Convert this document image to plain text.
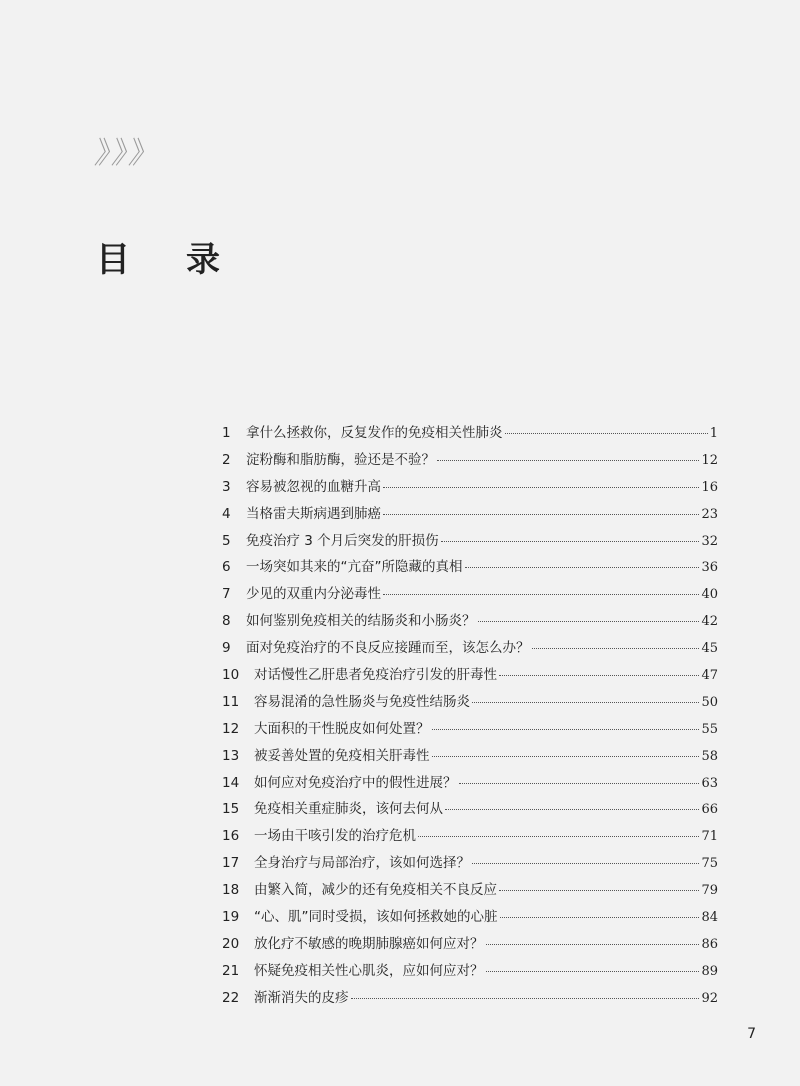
》》》
目录
1	拿什么拯救你，反复发作的免疫相关性肺炎	1
2	淀粉酶和脂肪酶，验还是不验？	12
3	容易被忽视的血糖升高	16
4	当格雷夫斯病遇到肺癌	23
5	免疫治疗 3 个月后突发的肝损伤	32
6	一场突如其来的“亢奋”所隐藏的真相	36
7	少见的双重内分泌毒性	40
8	如何鉴别免疫相关的结肠炎和小肠炎？	42
9	面对免疫治疗的不良反应接踵而至，该怎么办？	45
10	对话慢性乙肝患者免疫治疗引发的肝毒性	47
11	容易混淆的急性肠炎与免疫性结肠炎	50
12	大面积的干性脱皮如何处置？	55
13	被妥善处置的免疫相关肝毒性	58
14	如何应对免疫治疗中的假性进展？	63
15	免疫相关重症肺炎，该何去何从	66
16	一场由干咳引发的治疗危机	71
17	全身治疗与局部治疗，该如何选择？	75
18	由繁入简，减少的还有免疫相关不良反应	79
19	“心、肌”同时受损，该如何拯救她的心脏	84
20	放化疗不敏感的晚期肺腺癌如何应对？	86
21	怀疑免疫相关性心肌炎，应如何应对？	89
22	渐渐消失的皮疹	92
7
